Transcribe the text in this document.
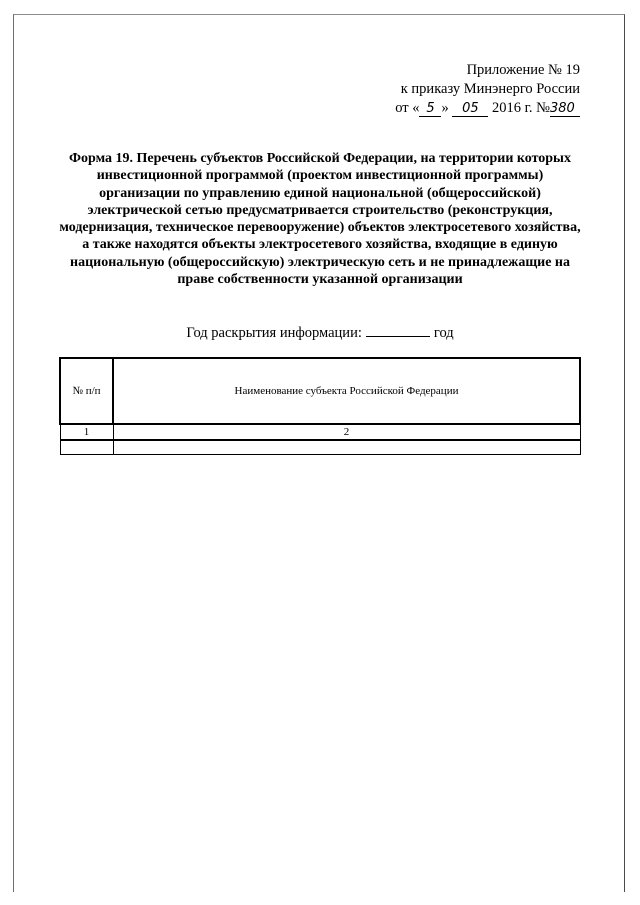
Приложение № 19
к приказу Минэнерго России
от « 5 » 05 2016 г. №380
Форма 19. Перечень субъектов Российской Федерации, на территории которых инвестиционной программой (проектом инвестиционной программы) организации по управлению единой национальной (общероссийской) электрической сетью предусматривается строительство (реконструкция, модернизация, техническое перевооружение) объектов электросетевого хозяйства, а также находятся объекты электросетевого хозяйства, входящие в единую национальную (общероссийскую) электрическую сеть и не принадлежащие на праве собственности указанной организации
Год раскрытия информации:	год
№ п/п	Наименование субъекта Российской Федерации
1	2
